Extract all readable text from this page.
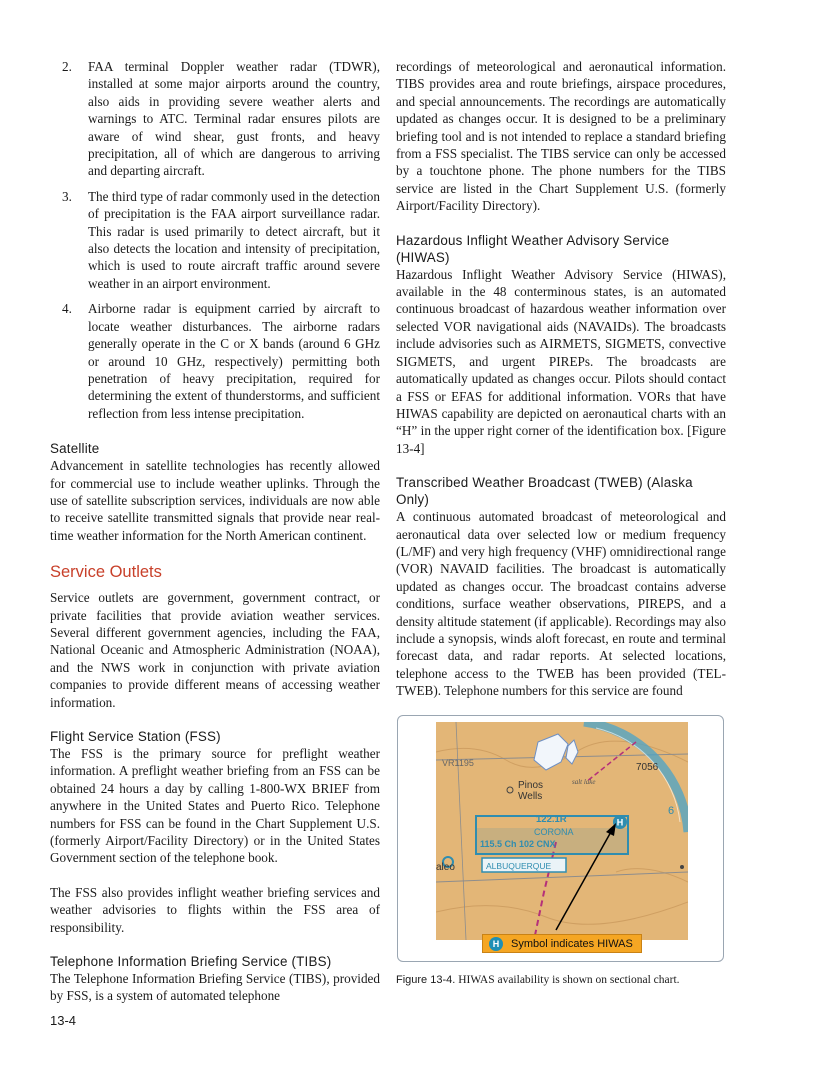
2. FAA terminal Doppler weather radar (TDWR), installed at some major airports around the country, also aids in providing severe weather alerts and warnings to ATC. Terminal radar ensures pilots are aware of wind shear, gust fronts, and heavy precipitation, all of which are dangerous to arriving and departing aircraft.
3. The third type of radar commonly used in the detection of precipitation is the FAA airport surveillance radar. This radar is used primarily to detect aircraft, but it also detects the location and intensity of precipitation, which is used to route aircraft traffic around severe weather in an airport environment.
4. Airborne radar is equipment carried by aircraft to locate weather disturbances. The airborne radars generally operate in the C or X bands (around 6 GHz or around 10 GHz, respectively) permitting both penetration of heavy precipitation, required for determining the extent of thunderstorms, and sufficient reflection from less intense precipitation.
Satellite

Advancement in satellite technologies has recently allowed for commercial use to include weather uplinks. Through the use of satellite subscription services, individuals are now able to receive satellite transmitted signals that provide near real-time weather information for the North American continent.

Service Outlets

Service outlets are government, government contract, or private facilities that provide aviation weather services. Several different government agencies, including the FAA, National Oceanic and Atmospheric Administration (NOAA), and the NWS work in conjunction with private aviation companies to provide different means of accessing weather information.

Flight Service Station (FSS)

The FSS is the primary source for preflight weather information. A preflight weather briefing from an FSS can be obtained 24 hours a day by calling 1-800-WX BRIEF from anywhere in the United States and Puerto Rico. Telephone numbers for FSS can be found in the Chart Supplement U.S. (formerly Airport/Facility Directory) or in the United States Government section of the telephone book.

The FSS also provides inflight weather briefing services and weather advisories to flights within the FSS area of responsibility.

Telephone Information Briefing Service (TIBS)

The Telephone Information Briefing Service (TIBS), provided by FSS, is a system of automated telephone

recordings of meteorological and aeronautical information. TIBS provides area and route briefings, airspace procedures, and special announcements. The recordings are automatically updated as changes occur. It is designed to be a preliminary briefing tool and is not intended to replace a standard briefing from a FSS specialist. The TIBS service can only be accessed by a touchtone phone. The phone numbers for the TIBS service are listed in the Chart Supplement U.S. (formerly Airport/Facility Directory).

Hazardous Inflight Weather Advisory Service (HIWAS)

Hazardous Inflight Weather Advisory Service (HIWAS), available in the 48 conterminous states, is an automated continuous broadcast of hazardous weather information over selected VOR navigational aids (NAVAIDs). The broadcasts include advisories such as AIRMETS, SIGMETS, convective SIGMETS, and urgent PIREPs. The broadcasts are automatically updated as changes occur. Pilots should contact a FSS or EFAS for additional information. VORs that have HIWAS capability are depicted on aeronautical charts with an “H” in the upper right corner of the identification box. [Figure 13-4]

Transcribed Weather Broadcast (TWEB) (Alaska Only)

A continuous automated broadcast of meteorological and aeronautical data over selected low or medium frequency (L/MF) and very high frequency (VHF) omnidirectional range (VOR) NAVAID facilities. The broadcast is automatically updated as changes occur. The broadcast contains adverse conditions, surface weather observations, PIREPS, and a density altitude statement (if applicable). Recordings may also include a synopsis, winds aloft forecast, en route and terminal forecast data, and radar reports. At selected locations, telephone access to the TWEB has been provided (TEL-TWEB). Telephone numbers for this service are found

H
VR1195
Pinos
Wells
salt lake
7056
122.1R
CORONA
115.5 Ch 102 CNX
ALBUQUERQUE
aleo
6
H	Symbol indicates HIWAS
Figure 13-4. HIWAS availability is shown on sectional chart.
13-4
